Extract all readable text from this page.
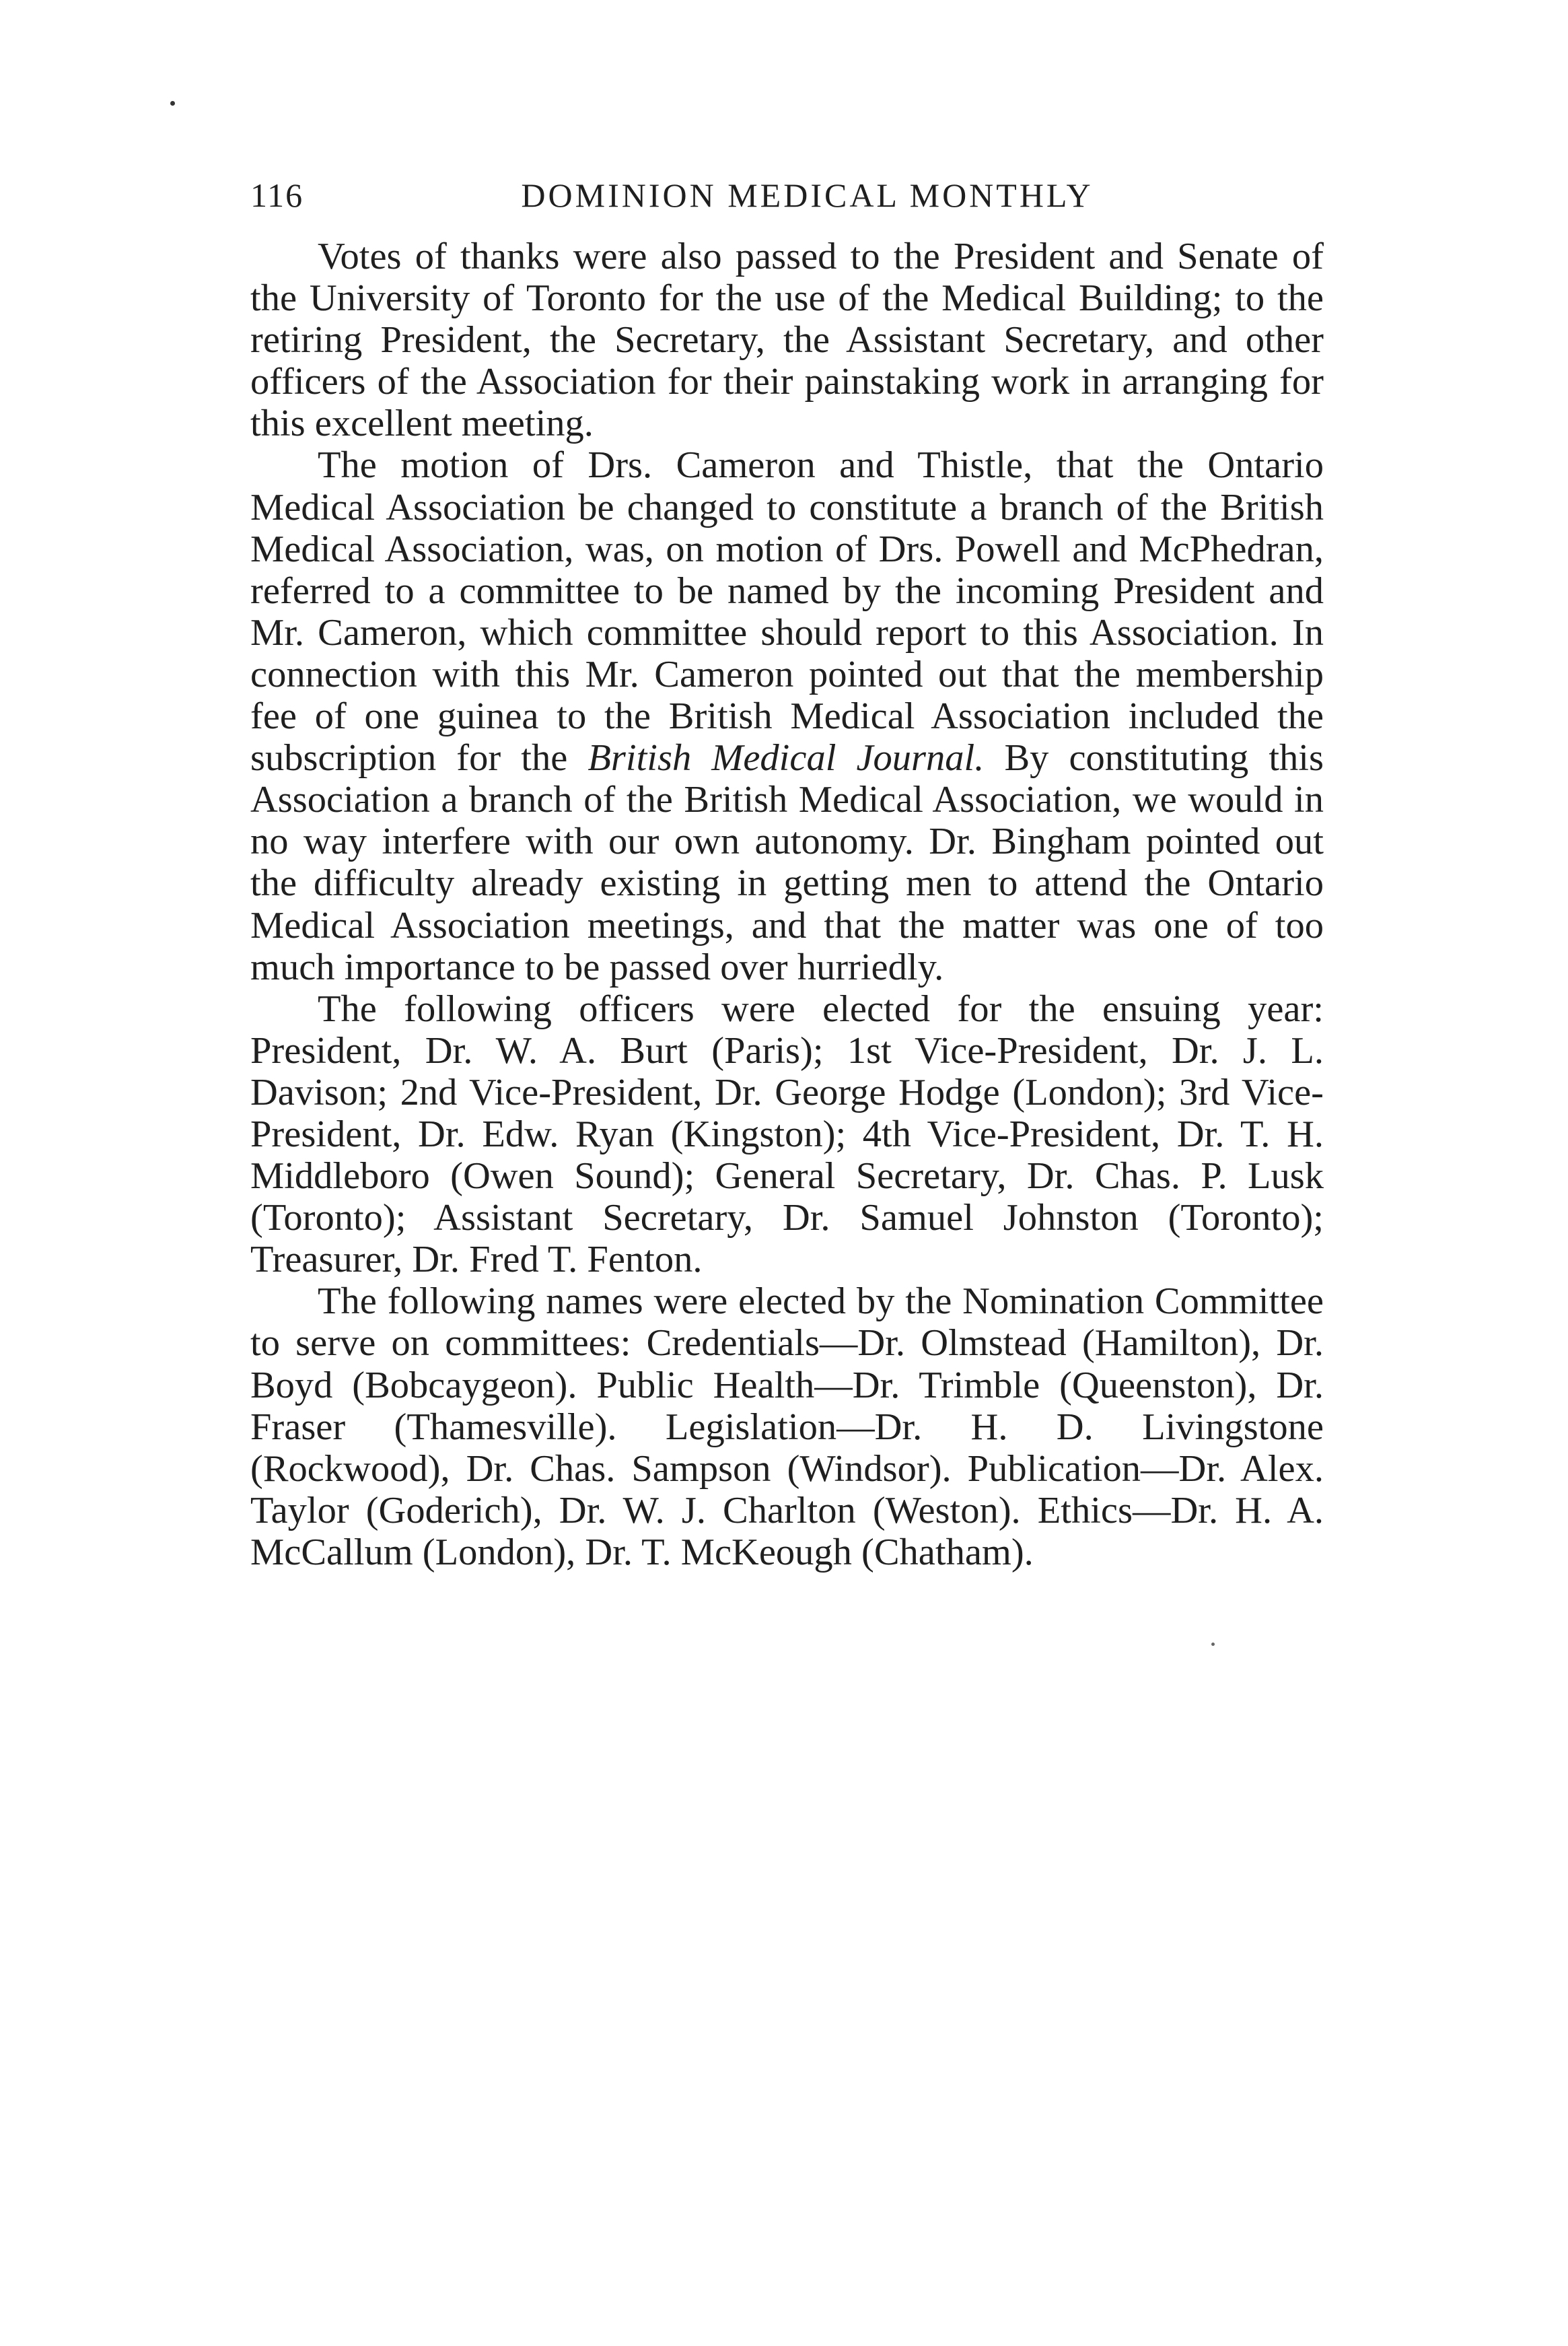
116	DOMINION MEDICAL MONTHLY

Votes of thanks were also passed to the President and Senate of the University of Toronto for the use of the Medical Building; to the retiring President, the Secretary, the Assistant Secretary, and other officers of the Association for their painstaking work in arranging for this excellent meeting.

The motion of Drs. Cameron and Thistle, that the Ontario Medical Association be changed to constitute a branch of the British Medical Association, was, on motion of Drs. Powell and McPhedran, referred to a committee to be named by the incoming President and Mr. Cameron, which committee should report to this Association. In connection with this Mr. Cameron pointed out that the membership fee of one guinea to the British Medical Association included the subscription for the British Medical Journal. By constituting this Association a branch of the British Medical Association, we would in no way interfere with our own autonomy. Dr. Bingham pointed out the difficulty already existing in getting men to attend the Ontario Medical Association meetings, and that the matter was one of too much importance to be passed over hurriedly.

The following officers were elected for the ensuing year: President, Dr. W. A. Burt (Paris); 1st Vice-President, Dr. J. L. Davison; 2nd Vice-President, Dr. George Hodge (London); 3rd Vice-President, Dr. Edw. Ryan (Kingston); 4th Vice-President, Dr. T. H. Middleboro (Owen Sound); General Secretary, Dr. Chas. P. Lusk (Toronto); Assistant Secretary, Dr. Samuel Johnston (Toronto); Treasurer, Dr. Fred T. Fenton.

The following names were elected by the Nomination Committee to serve on committees: Credentials—Dr. Olmstead (Hamilton), Dr. Boyd (Bobcaygeon). Public Health—Dr. Trimble (Queenston), Dr. Fraser (Thamesville). Legislation—Dr. H. D. Livingstone (Rockwood), Dr. Chas. Sampson (Windsor). Publication—Dr. Alex. Taylor (Goderich), Dr. W. J. Charlton (Weston). Ethics—Dr. H. A. McCallum (London), Dr. T. McKeough (Chatham).
